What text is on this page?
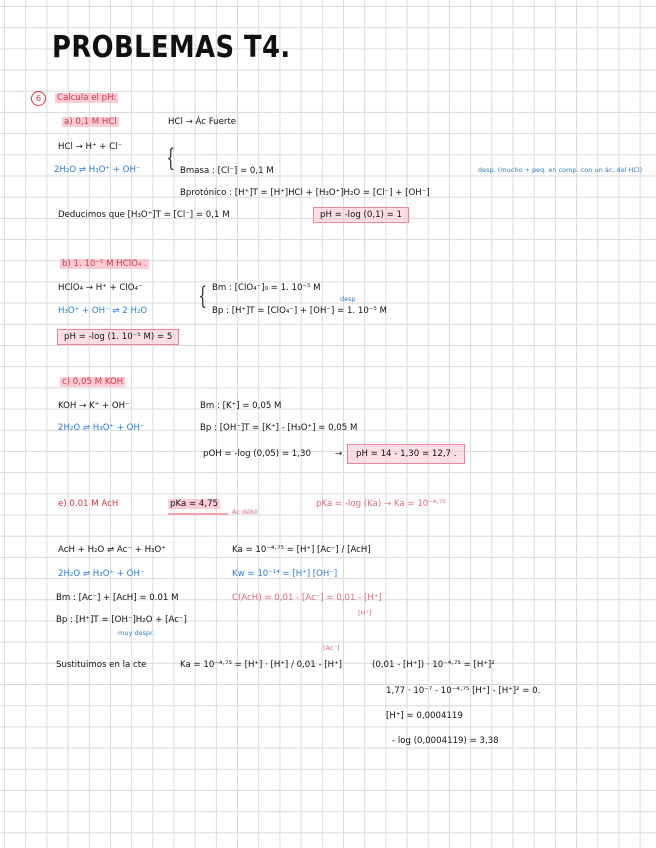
PROBLEMAS T4.
6	Calcula el pH:
a) 0,1 M HCl	HCl → Ác Fuerte
HCl → H⁺ + Cl⁻
2H₂O ⇌ H₃O⁺ + OH⁻ { Bmasa : [Cl⁻] = 0,1 M	desp. (mucho + peq. en comp. con un ác. del HCl)
Bprotónico : [H⁺]T = [H⁺]HCl + [H₃O⁺]H₂O = [Cl⁻] + [OH⁻]
Deducimos que [H₃O⁺]T = [Cl⁻] = 0,1 M	pH = -log (0,1) = 1
b) 1. 10⁻⁵ M HClO₄ .
HClO₄ → H⁺ + ClO₄⁻
H₃O⁺ + OH⁻ ⇌ 2 H₂O
{ Bm : [ClO₄⁻]₀ = 1. 10⁻⁵ M
Bp : [H⁺]T = [ClO₄⁻] + [OH⁻] = 1. 10⁻⁵ M
desp
pH = -log (1. 10⁻⁵ M) = 5
c) 0,05 M KOH
KOH → K⁺ + OH⁻
2H₂O ⇌ H₃O⁺ + OH⁻
Bm : [K⁺] = 0,05 M
Bp : [OH⁻]T = [K⁺] - [H₃O⁺] = 0,05 M
pOH = -log (0,05) = 1,30	→	pH = 14 - 1,30 = 12,7 .
e) 0.01 M AcH	pKa = 4,75
Ác débil
pKa = -log (Ka) → Ka = 10⁻⁴·⁷⁵
AcH + H₂O ⇌ Ac⁻ + H₃O⁺	Ka = 10⁻⁴·⁷⁵ = [H⁺] [Ac⁻] / [AcH]
2H₂O ⇌ H₃O⁺ + OH⁻	Kw = 10⁻¹⁴ = [H⁺] [OH⁻]
Bm : [Ac⁻] + [AcH] = 0.01 M	C(AcH) = 0,01 - [Ac⁻] = 0,01 - [H⁺]
[H⁺]
Bp : [H⁺]T = [OH⁻]H₂O + [Ac⁻]
muy despr.
[Ac⁻]
Sustituimos en la cte	Ka = 10⁻⁴·⁷⁵ = [H⁺] · [H⁺] / 0,01 - [H⁺]	(0,01 - [H⁺]) · 10⁻⁴·⁷⁵ = [H⁺]²
1,77 · 10⁻⁷ - 10⁻⁴·⁷⁵ [H⁺] - [H⁺]² = 0.
[H⁺] = 0,0004119
- log (0,0004119) = 3,38
